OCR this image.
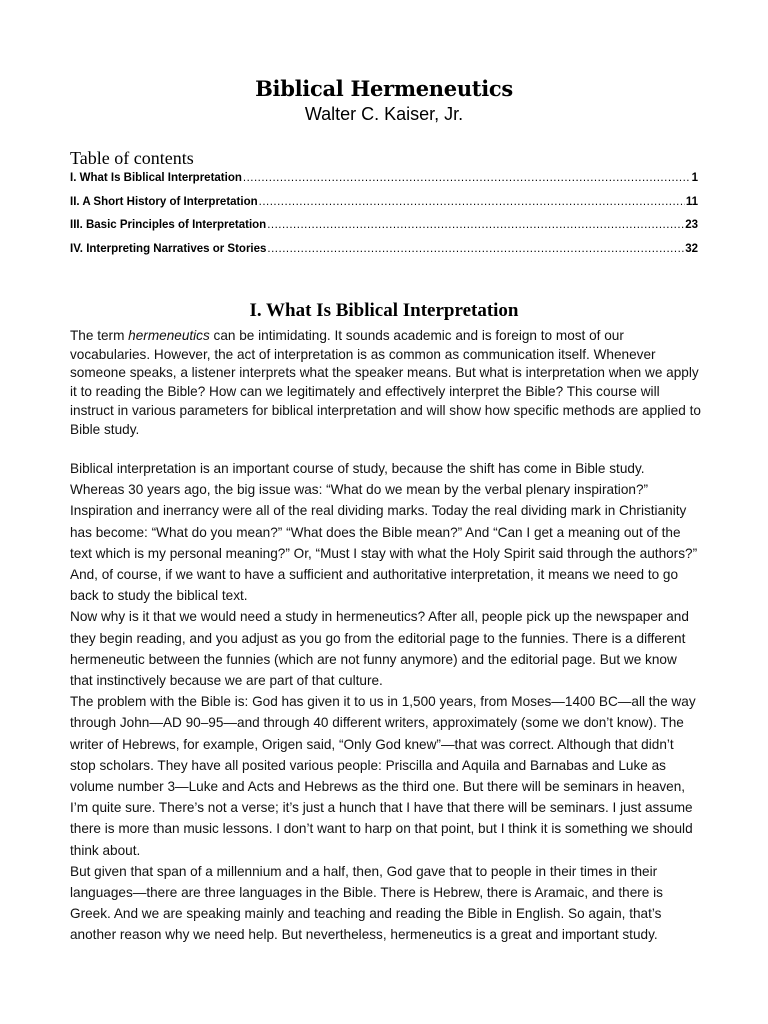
Biblical Hermeneutics
Walter C. Kaiser, Jr.
Table of contents
I. What Is Biblical Interpretation .....	1
II. A Short History of Interpretation .....	11
III. Basic Principles of Interpretation .....	23
IV. Interpreting Narratives or Stories .....	32
I. What Is Biblical Interpretation
The term hermeneutics can be intimidating. It sounds academic and is foreign to most of our vocabularies. However, the act of interpretation is as common as communication itself. Whenever someone speaks, a listener interprets what the speaker means. But what is interpretation when we apply it to reading the Bible? How can we legitimately and effectively interpret the Bible? This course will instruct in various parameters for biblical interpretation and will show how specific methods are applied to Bible study.

Biblical interpretation is an important course of study, because the shift has come in Bible study. Whereas 30 years ago, the big issue was: “What do we mean by the verbal plenary inspiration?” Inspiration and inerrancy were all of the real dividing marks. Today the real dividing mark in Christianity has become: “What do you mean?” “What does the Bible mean?” And “Can I get a meaning out of the text which is my personal meaning?” Or, “Must I stay with what the Holy Spirit said through the authors?” And, of course, if we want to have a sufficient and authoritative interpretation, it means we need to go back to study the biblical text.

Now why is it that we would need a study in hermeneutics? After all, people pick up the newspaper and they begin reading, and you adjust as you go from the editorial page to the funnies. There is a different hermeneutic between the funnies (which are not funny anymore) and the editorial page. But we know that instinctively because we are part of that culture.

The problem with the Bible is: God has given it to us in 1,500 years, from Moses—1400 BC—all the way through John—AD 90–95—and through 40 different writers, approximately (some we don’t know). The writer of Hebrews, for example, Origen said, “Only God knew”—that was correct. Although that didn’t stop scholars. They have all posited various people: Priscilla and Aquila and Barnabas and Luke as volume number 3—Luke and Acts and Hebrews as the third one. But there will be seminars in heaven, I’m quite sure. There’s not a verse; it’s just a hunch that I have that there will be seminars. I just assume there is more than music lessons. I don’t want to harp on that point, but I think it is something we should think about.

But given that span of a millennium and a half, then, God gave that to people in their times in their languages—there are three languages in the Bible. There is Hebrew, there is Aramaic, and there is Greek. And we are speaking mainly and teaching and reading the Bible in English. So again, that’s another reason why we need help. But nevertheless, hermeneutics is a great and important study.
